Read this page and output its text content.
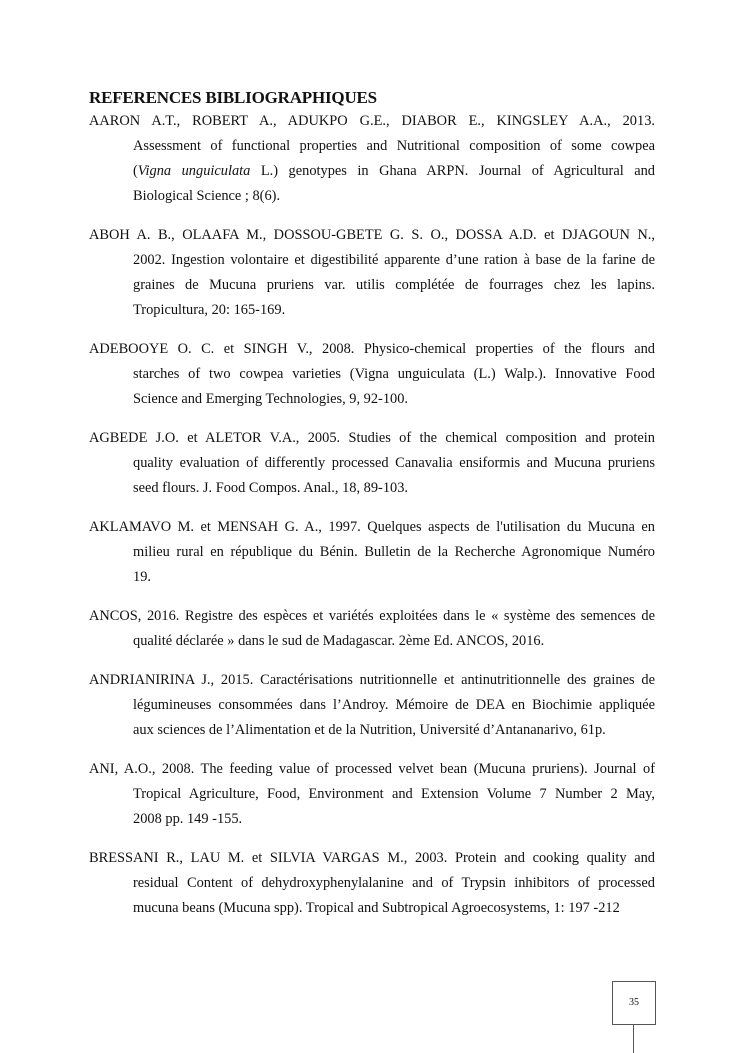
REFERENCES BIBLIOGRAPHIQUES
AARON A.T., ROBERT A., ADUKPO G.E., DIABOR E., KINGSLEY A.A., 2013.
Assessment of functional properties and Nutritional composition of some cowpea
(Vigna unguiculata L.) genotypes in Ghana ARPN. Journal of Agricultural and
Biological Science ; 8(6).
ABOH A. B., OLAAFA M., DOSSOU-GBETE G. S. O., DOSSA A.D. et DJAGOUN N.,
2002. Ingestion volontaire et digestibilité apparente d’une ration à base de la farine de
graines de Mucuna pruriens var. utilis complétée de fourrages chez les lapins.
Tropicultura, 20: 165-169.
ADEBOOYE O. C. et SINGH V., 2008. Physico-chemical properties of the flours and
starches of two cowpea varieties (Vigna unguiculata (L.) Walp.). Innovative Food
Science and Emerging Technologies, 9, 92-100.
AGBEDE J.O. et ALETOR V.A., 2005. Studies of the chemical composition and protein
quality evaluation of differently processed Canavalia ensiformis and Mucuna pruriens
seed flours. J. Food Compos. Anal., 18, 89-103.
AKLAMAVO M. et MENSAH G. A., 1997. Quelques aspects de l'utilisation du Mucuna en
milieu rural en république du Bénin. Bulletin de la Recherche Agronomique Numéro
19.
ANCOS, 2016. Registre des espèces et variétés exploitées dans le « système des semences de
qualité déclarée » dans le sud de Madagascar. 2ème Ed. ANCOS, 2016.
ANDRIANIRINA J., 2015. Caractérisations nutritionnelle et antinutritionnelle des graines de
légumineuses consommées dans l’Androy. Mémoire de DEA en Biochimie appliquée
aux sciences de l’Alimentation et de la Nutrition, Université d’Antananarivo, 61p.
ANI, A.O., 2008. The feeding value of processed velvet bean (Mucuna pruriens). Journal of
Tropical Agriculture, Food, Environment and Extension Volume 7 Number 2 May,
2008 pp. 149 -155.
BRESSANI R., LAU M. et SILVIA VARGAS M., 2003. Protein and cooking quality and
residual Content of dehydroxyphenylalanine and of Trypsin inhibitors of processed
mucuna beans (Mucuna spp). Tropical and Subtropical Agroecosystems, 1: 197 -212
35
